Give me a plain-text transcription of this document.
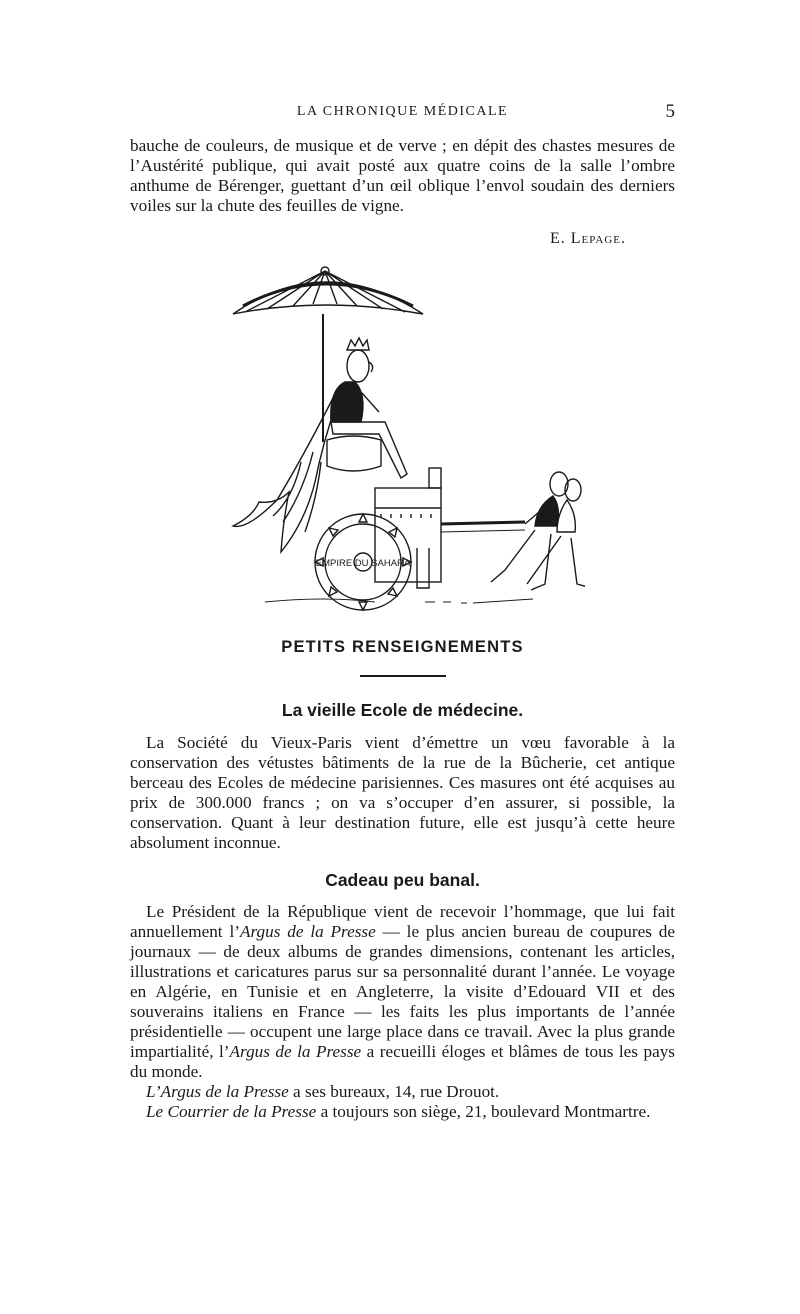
LA CHRONIQUE MÉDICALE	5

bauche de couleurs, de musique et de verve ; en dépit des chastes mesures de l’Austérité publique, qui avait posté aux quatre coins de la salle l’ombre anthume de Bérenger, guettant d’un œil oblique l’envol soudain des derniers voiles sur la chute des feuilles de vigne.

E. Lepage.
EMPIRE DU SAHARA
PETITS RENSEIGNEMENTS
La vieille Ecole de médecine.

La Société du Vieux-Paris vient d’émettre un vœu favorable à la conservation des vétustes bâtiments de la rue de la Bûcherie, cet antique berceau des Ecoles de médecine parisiennes. Ces masures ont été acquises au prix de 300.000 francs ; on va s’occuper d’en assurer, si possible, la conservation. Quant à leur destination future, elle est jusqu’à cette heure absolument inconnue.

Cadeau peu banal.

Le Président de la République vient de recevoir l’hommage, que lui fait annuellement l’Argus de la Presse — le plus ancien bureau de coupures de journaux — de deux albums de grandes dimensions, contenant les articles, illustrations et caricatures parus sur sa personnalité durant l’année. Le voyage en Algérie, en Tunisie et en Angleterre, la visite d’Edouard VII et des souverains italiens en France — les faits les plus importants de l’année présidentielle — occupent une large place dans ce travail. Avec la plus grande impartialité, l’Argus de la Presse a recueilli éloges et blâmes de tous les pays du monde.

L’Argus de la Presse a ses bureaux, 14, rue Drouot.

Le Courrier de la Presse a toujours son siège, 21, boulevard Montmartre.
